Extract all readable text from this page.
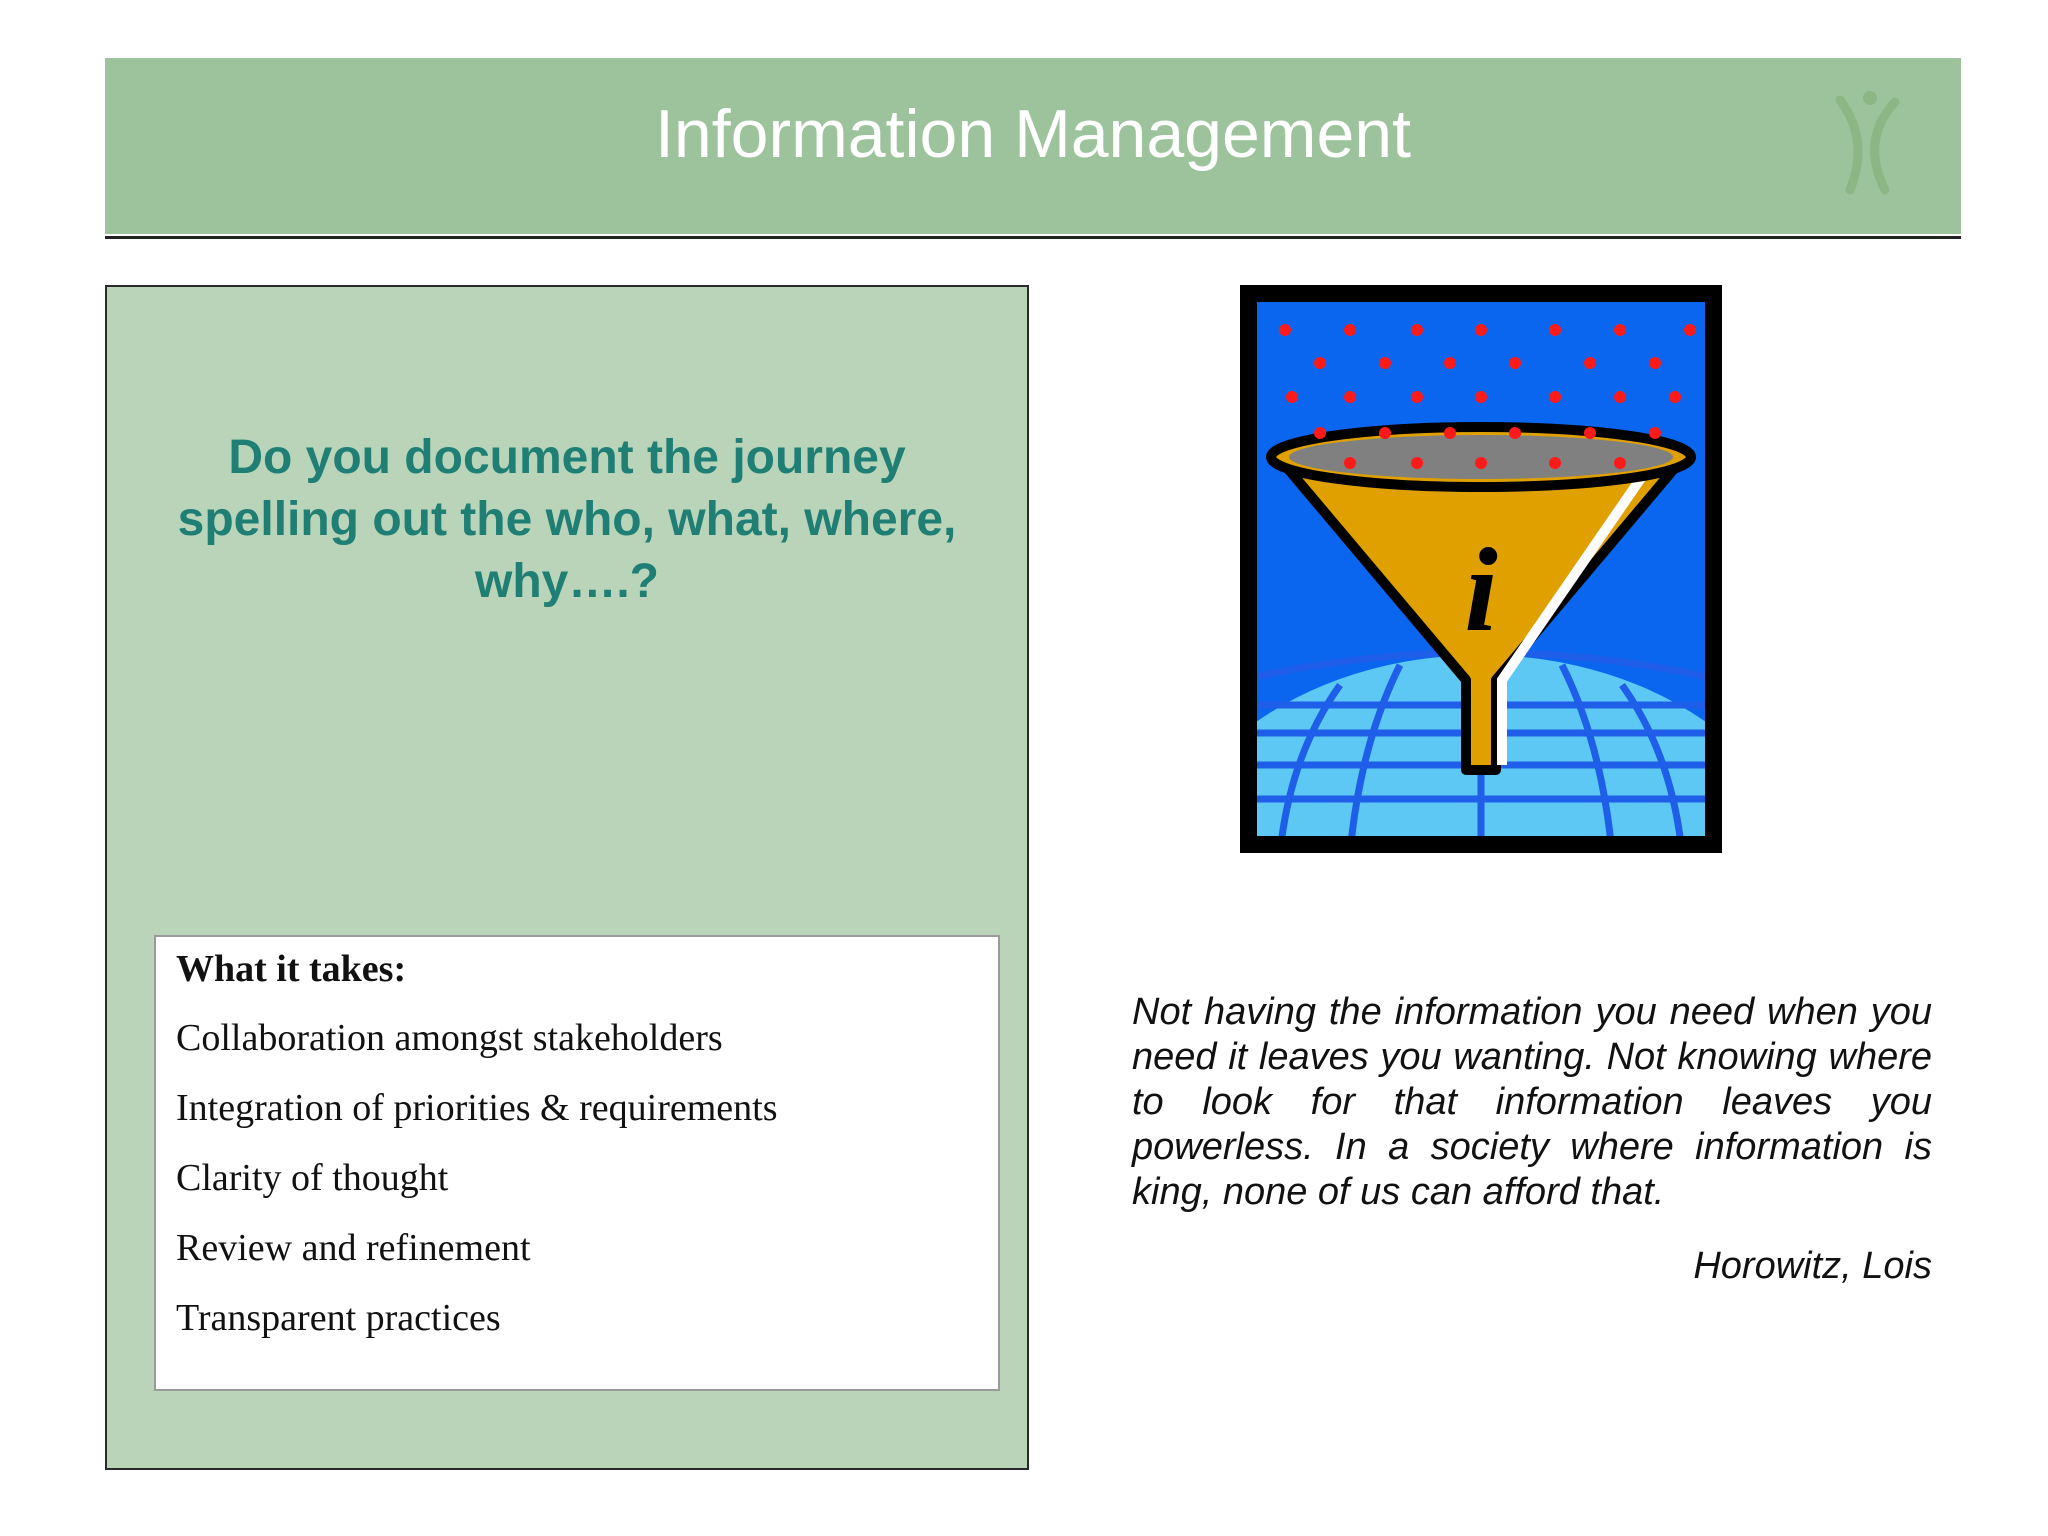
Information Management
Do you document the journey spelling out the who, what, where, why….?
What it takes:
Collaboration amongst stakeholders
Integration of priorities & requirements
Clarity of thought
Review and refinement
Transparent practices
i
Not having the information you need when you need it leaves you wanting. Not knowing where to look for that information leaves you powerless. In a society where information is king, none of us can afford that.
Horowitz, Lois
